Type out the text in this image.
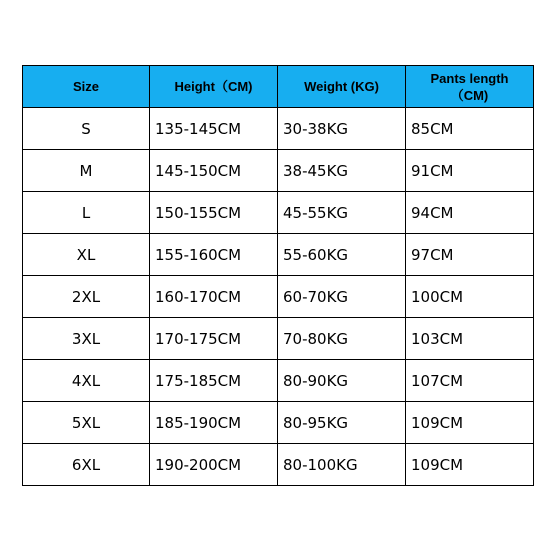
Size	Height（CM)	Weight (KG)	Pants length
（CM)
S	135-145CM	30-38KG	85CM
M	145-150CM	38-45KG	91CM
L	150-155CM	45-55KG	94CM
XL	155-160CM	55-60KG	97CM
2XL	160-170CM	60-70KG	100CM
3XL	170-175CM	70-80KG	103CM
4XL	175-185CM	80-90KG	107CM
5XL	185-190CM	80-95KG	109CM
6XL	190-200CM	80-100KG	109CM
